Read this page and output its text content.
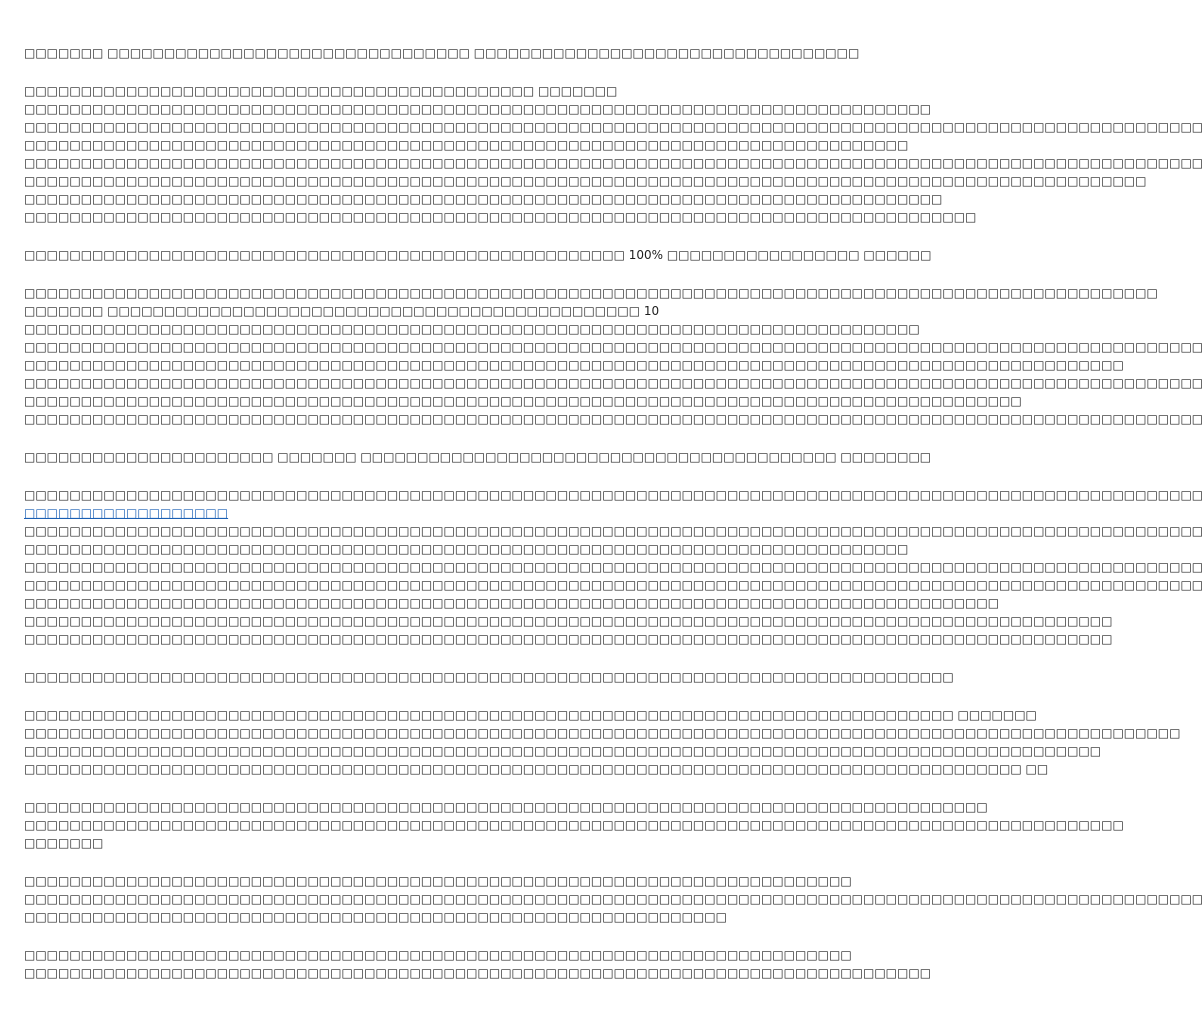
□□□□□□□ □□□□□□□□□□□□□□□□□□□□□□□□□□□□□□□□ □□□□□□□□□□□□□□□□□□□□□□□□□□□□□□□□□□
□□□□□□□□□□□□□□□□□□□□□□□□□□□□□□□□□□□□□□□□□□□□□ □□□□□□□
□□□□□□□□□□□□□□□□□□□□□□□□□□□□□□□□□□□□□□□□□□□□□□□□□□□□□□□□□□□□□□□□□□□□□□□□□□□□□□□□
□□□□□□□□□□□□□□□□□□□□□□□□□□□□□□□□□□□□□□□□□□□□□□□□□□□□□□□□□□□□□□□□□□□□□□□□□□□□□□□□□□□□□□□□□□□□□□□□□□□□□□□□
□□□□□□□□□□□□□□□□□□□□□□□□□□□□□□□□□□□□□□□□□□□□□□□□□□□□□□□□□□□□□□□□□□□□□□□□□□□□□□
□□□□□□□□□□□□□□□□□□□□□□□□□□□□□□□□□□□□□□□□□□□□□□□□□□□□□□□□□□□□□□□□□□□□□□□□□□□□□□□□□□□□□□□□□□□□□□□□□□□□□□□□
□□□□□□□□□□□□□□□□□□□□□□□□□□□□□□□□□□□□□□□□□□□□□□□□□□□□□□□□□□□□□□□□□□□□□□□□□□□□□□□□□□□□□□□□□□□□□□□□□□□
□□□□□□□□□□□□□□□□□□□□□□□□□□□□□□□□□□□□□□□□□□□□□□□□□□□□□□□□□□□□□□□□□□□□□□□□□□□□□□□□□
□□□□□□□□□□□□□□□□□□□□□□□□□□□□□□□□□□□□□□□□□□□□□□□□□□□□□□□□□□□□□□□□□□□□□□□□□□□□□□□□□□□□
□□□□□□□□□□□□□□□□□□□□□□□□□□□□□□□□□□□□□□□□□□□□□□□□□□□□□ 100% □□□□□□□□□□□□□□□□□ □□□□□□
□□□□□□□□□□□□□□□□□□□□□□□□□□□□□□□□□□□□□□□□□□□□□□□□□□□□□□□□□□□□□□□□□□□□□□□□□□□□□□□□□□□□□□□□□□□□□□□□□□□□
□□□□□□□ □□□□□□□□□□□□□□□□□□□□□□□□□□□□□□□□□□□□□□□□□□□□□□□ 10
□□□□□□□□□□□□□□□□□□□□□□□□□□□□□□□□□□□□□□□□□□□□□□□□□□□□□□□□□□□□□□□□□□□□□□□□□□□□□□□
□□□□□□□□□□□□□□□□□□□□□□□□□□□□□□□□□□□□□□□□□□□□□□□□□□□□□□□□□□□□□□□□□□□□□□□□□□□□□□□□□□□□□□□□□□□□□□□□□□□□□□□□
□□□□□□□□□□□□□□□□□□□□□□□□□□□□□□□□□□□□□□□□□□□□□□□□□□□□□□□□□□□□□□□□□□□□□□□□□□□□□□□□□□□□□□□□□□□□□□□□□
□□□□□□□□□□□□□□□□□□□□□□□□□□□□□□□□□□□□□□□□□□□□□□□□□□□□□□□□□□□□□□□□□□□□□□□□□□□□□□□□□□□□□□□□□□□□□□□□□□□□□□□□
□□□□□□□□□□□□□□□□□□□□□□□□□□□□□□□□□□□□□□□□□□□□□□□□□□□□□□□□□□□□□□□□□□□□□□□□□□□□□□□□□□□□□□□□
□□□□□□□□□□□□□□□□□□□□□□□□□□□□□□□□□□□□□□□□□□□□□□□□□□□□□□□□□□□□□□□□□□□□□□□□□□□□□□□□□□□□□□□□□□□□□□□□□□□□□□□□
□□□□□□□□□□□□□□□□□□□□□□ □□□□□□□ □□□□□□□□□□□□□□□□□□□□□□□□□□□□□□□□□□□□□□□□□□ □□□□□□□□
□□□□□□□□□□□□□□□□□□□□□□□□□□□□□□□□□□□□□□□□□□□□□□□□□□□□□□□□□□□□□□□□□□□□□□□□□□□□□□□□□□□□□□□□□□□□□□□□□□□□□□□□
□□□□□□□□□□□□□□□□□□
□□□□□□□□□□□□□□□□□□□□□□□□□□□□□□□□□□□□□□□□□□□□□□□□□□□□□□□□□□□□□□□□□□□□□□□□□□□□□□□□□□□□□□□□□□□□□□□□□□□□□□□□
□□□□□□□□□□□□□□□□□□□□□□□□□□□□□□□□□□□□□□□□□□□□□□□□□□□□□□□□□□□□□□□□□□□□□□□□□□□□□□
□□□□□□□□□□□□□□□□□□□□□□□□□□□□□□□□□□□□□□□□□□□□□□□□□□□□□□□□□□□□□□□□□□□□□□□□□□□□□□□□□□□□□□□□□□□□□□□□□□□□□□□□
□□□□□□□□□□□□□□□□□□□□□□□□□□□□□□□□□□□□□□□□□□□□□□□□□□□□□□□□□□□□□□□□□□□□□□□□□□□□□□□□□□□□□□□□□□□□□□□□□□□□□□□□
□□□□□□□□□□□□□□□□□□□□□□□□□□□□□□□□□□□□□□□□□□□□□□□□□□□□□□□□□□□□□□□□□□□□□□□□□□□□□□□□□□□□□□
□□□□□□□□□□□□□□□□□□□□□□□□□□□□□□□□□□□□□□□□□□□□□□□□□□□□□□□□□□□□□□□□□□□□□□□□□□□□□□□□□□□□□□□□□□□□□□□□
□□□□□□□□□□□□□□□□□□□□□□□□□□□□□□□□□□□□□□□□□□□□□□□□□□□□□□□□□□□□□□□□□□□□□□□□□□□□□□□□□□□□□□□□□□□□□□□□
□□□□□□□□□□□□□□□□□□□□□□□□□□□□□□□□□□□□□□□□□□□□□□□□□□□□□□□□□□□□□□□□□□□□□□□□□□□□□□□□□□
□□□□□□□□□□□□□□□□□□□□□□□□□□□□□□□□□□□□□□□□□□□□□□□□□□□□□□□□□□□□□□□□□□□□□□□□□□□□□□□□□□ □□□□□□□
□□□□□□□□□□□□□□□□□□□□□□□□□□□□□□□□□□□□□□□□□□□□□□□□□□□□□□□□□□□□□□□□□□□□□□□□□□□□□□□□□□□□□□□□□□□□□□□□□□□□□□
□□□□□□□□□□□□□□□□□□□□□□□□□□□□□□□□□□□□□□□□□□□□□□□□□□□□□□□□□□□□□□□□□□□□□□□□□□□□□□□□□□□□□□□□□□□□□□□
□□□□□□□□□□□□□□□□□□□□□□□□□□□□□□□□□□□□□□□□□□□□□□□□□□□□□□□□□□□□□□□□□□□□□□□□□□□□□□□□□□□□□□□□ □□
□□□□□□□□□□□□□□□□□□□□□□□□□□□□□□□□□□□□□□□□□□□□□□□□□□□□□□□□□□□□□□□□□□□□□□□□□□□□□□□□□□□□□
□□□□□□□□□□□□□□□□□□□□□□□□□□□□□□□□□□□□□□□□□□□□□□□□□□□□□□□□□□□□□□□□□□□□□□□□□□□□□□□□□□□□□□□□□□□□□□□□□
□□□□□□□
□□□□□□□□□□□□□□□□□□□□□□□□□□□□□□□□□□□□□□□□□□□□□□□□□□□□□□□□□□□□□□□□□□□□□□□□□
□□□□□□□□□□□□□□□□□□□□□□□□□□□□□□□□□□□□□□□□□□□□□□□□□□□□□□□□□□□□□□□□□□□□□□□□□□□□□□□□□□□□□□□□□□□□□□□□□□□□□□□□
□□□□□□□□□□□□□□□□□□□□□□□□□□□□□□□□□□□□□□□□□□□□□□□□□□□□□□□□□□□□□□
□□□□□□□□□□□□□□□□□□□□□□□□□□□□□□□□□□□□□□□□□□□□□□□□□□□□□□□□□□□□□□□□□□□□□□□□□
□□□□□□□□□□□□□□□□□□□□□□□□□□□□□□□□□□□□□□□□□□□□□□□□□□□□□□□□□□□□□□□□□□□□□□□□□□□□□□□□
